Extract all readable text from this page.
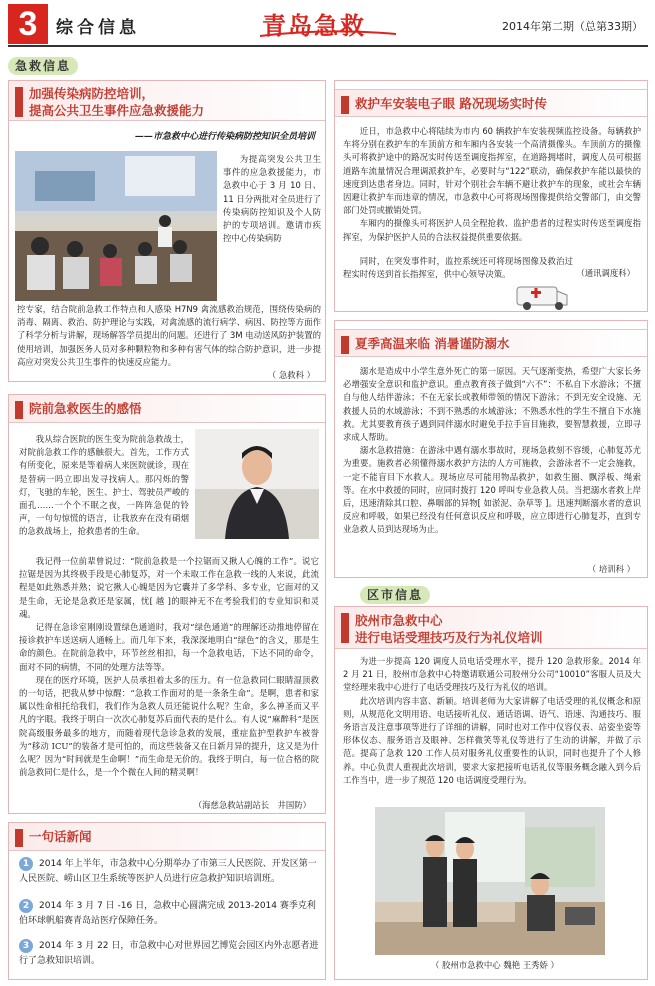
3	综合信息	青岛急救	2014年第二期（总第33期）
急救信息
加强传染病防控培训，
提高公共卫生事件应急救援能力
——市急救中心进行传染病防控知识全员培训

为提高突发公共卫生事件的应急救援能力，市急救中心于 3 月 10 日、11 日分两批对全员进行了传染病防控知识及个人防护的专项培训。邀请市疾控中心传染病防

控专家，结合院前急救工作特点和人感染 H7N9 禽流感救治规范，围绕传染病的消毒、隔离、救治、防护理论与实践，对禽流感的流行病学、病因、防控等方面作了科学分析与讲解，现场解答学员提出的问题。还进行了 3M 电动送风防护装置的使用培训，加强医务人员对多种颗粒物和多种有害气体的综合防护意识，进一步提高应对突发公共卫生事件的快速反应能力。

（ 急救科 ）
院前急救医生的感悟

我从综合医院的医生变为院前急救战士，对院前急救工作的感触很大。首先，工作方式有所变化，原来是等着病人来医院就诊，现在是替病一吗立即出发寻找病人。那闪烁的警灯，飞驰的车轮，医生、护士、驾驶员严峻的面孔……一个个不眠之夜，一阵阵急促的铃声，一句句惊慌的语言，让我放弃在没有硝烟的急救战场上，抢救患者的生命。

我记得一位前辈曾说过：“院前急救是一个拉锯而又揪人心魄的工作”。说它拉锯是因为其终极手段是心肺复苏，对一个未取工作在急救一线的人来说，此流程是如此熟悉并熟；说它揪人心魄是因为它囊并了多学科、多专业，它面对的又是生命，无论是急救还是家属，忧[ 越 ]的眼神无不在考验我们的专业知识和灵魂。

记得在急诊室刚刚设置绿色通道时，我对“绿色通道”的理解还动推地停留在接诊救护车送送病人通畅上。而几年下来，我深深地明白“绿色”的含义，那是生命的颜色。在院前急救中，环节丝丝相扣，每一个急救电话，下达不同的命令，面对不同的病情，不同的处理方法等等。

现在的医疗环境，医护人员承担着太多的压力。有一位急救同仁眼睛湿顶救的一句话，把我从梦中惊醒：“急救工作面对的是一条条生命”。是啊，患者和家属以性命相托给我们，我们作为急救人员还能说什么呢？生命，多么神圣而又平凡的字眼。我终于明白一次次心肺复苏后面代表的是什么。有人说“麻醉科”是医院高级服务最多的地方，而随着现代急诊急救的发展，重症监护型救护车被誉为“移动 ICU”的装备才是可怕的，而这些装备又在日新月异的提升，这又是为什么呢？因为“时间就是生命啊！”而生命是无价的。我终于明白，每一位合格的院前急救同仁是什么，是一个个微在人间的精灵啊！

（海慈急救站副站长　井国防）
救护车安装电子眼 路况现场实时传

近日，市急救中心将陆续为市内 60 辆救护车安装视频监控设备。每辆救护车将分别在救护车的车顶前方和车厢内各安装一个高清摄像头。车顶前方的摄像头可将救护途中的路况实时传送至调度指挥室，在道路拥堵时，调度人员可根据道路车流量情况合理调派救护车，必要时与“122”联动，确保救护车能以最快的速度到达患者身边。同时，针对个别社会车辆不避让救护车的现象，或社会车辆因避让救护车而违章的情况，市急救中心可将现场图像提供给交警部门，由交警部门处罚或撤销处罚。

车厢内的摄像头可将医护人员全程抢救、监护患者的过程实时传送至调度指挥室，为保护医护人员的合法权益提供重要依据。

同时，在突发事件时，监控系统还可将现场图像及救治过程实时传送到首长指挥室，供中心领导决策。	（通讯调度科）
夏季高温来临 消暑谨防溺水

溺水是造成中小学生意外死亡的第一原因。天气逐渐变热，希望广大家长务必增强安全意识和监护意识。重点教育孩子做到“六不”：不私自下水游泳；不擅自与他人结伴游泳；不在无家长或教师带领的情况下游泳；不到无安全设施、无救援人员的水域游泳；不到不熟悉的水域游泳；不熟悉水性的学生不擅自下水施救。尤其要教育孩子遇到同伴溺水时避免手拉手盲目施救，要智慧救援，立即寻求成人帮助。

溺水急救措施：在游泳中遇有溺水事故时，现场急救刻不容缓，心肺复苏尤为重要。施救者必须懂得溺水救护方法的人方可施救，会游泳者不一定会施救，一定不能盲目下水救人。现场应尽可能用物品救护，如救生圈、飘浮板、绳索等。在水中救援的同时，应同时拨打 120 呼叫专业急救人员。当把溺水者救上岸后，迅速清除其口腔、鼻咽部的异物[ 如淤泥、杂草等 ]。迅速判断溺水者的意识反应和呼吸，如果已经没有任何意识反应和呼吸，应立即进行心肺复苏，直到专业急救人员到达现场为止。

（ 培训科 ）
区市信息
胶州市急救中心
进行电话受理技巧及行为礼仪培训

为进一步提高 120 调度人员电话受理水平，提升 120 急救形象。2014 年 2 月 21 日，胶州市急救中心特邀请联通公司胶州分公司“10010”客服人员及大堂经理来我中心进行了电话受理技巧及行为礼仪的培训。

此次培训内容丰富、新颖。培训老师为大家讲解了电话受理的礼仪概念和原则，从规范化文明用语、电话接听礼仪、通话语调、语气、语速、沟通技巧、服务语言及注意事项等进行了详细的讲解，同时也对工作中仪容仪表、站姿坐姿等形体仪态、服务语言及眼神、怎样微笑等礼仪等进行了生动的讲解，并做了示范。提高了急救 120 工作人员对服务礼仪重要性的认识，同时也提升了个人修养。中心负责人重视此次培训，要求大家把接听电话礼仪等服务概念融入到今后工作当中，进一步了规范 120 电话调度受理行为。

（ 胶州市急救中心 魏艳 王秀娇 ）
一句话新闻
1 2014 年上半年，市急救中心分期举办了市第三人民医院、开发区第一人民医院、崂山区卫生系统等医护人员进行应急救护知识培训班。
2 2014 年 3 月 7 日 -16 日，急救中心圆满完成 2013-2014 赛季克利伯环球帆船赛青岛站医疗保障任务。
3 2014 年 3 月 22 日，市急救中心对世界园艺博览会园区内外志愿者进行了急救知识培训。
